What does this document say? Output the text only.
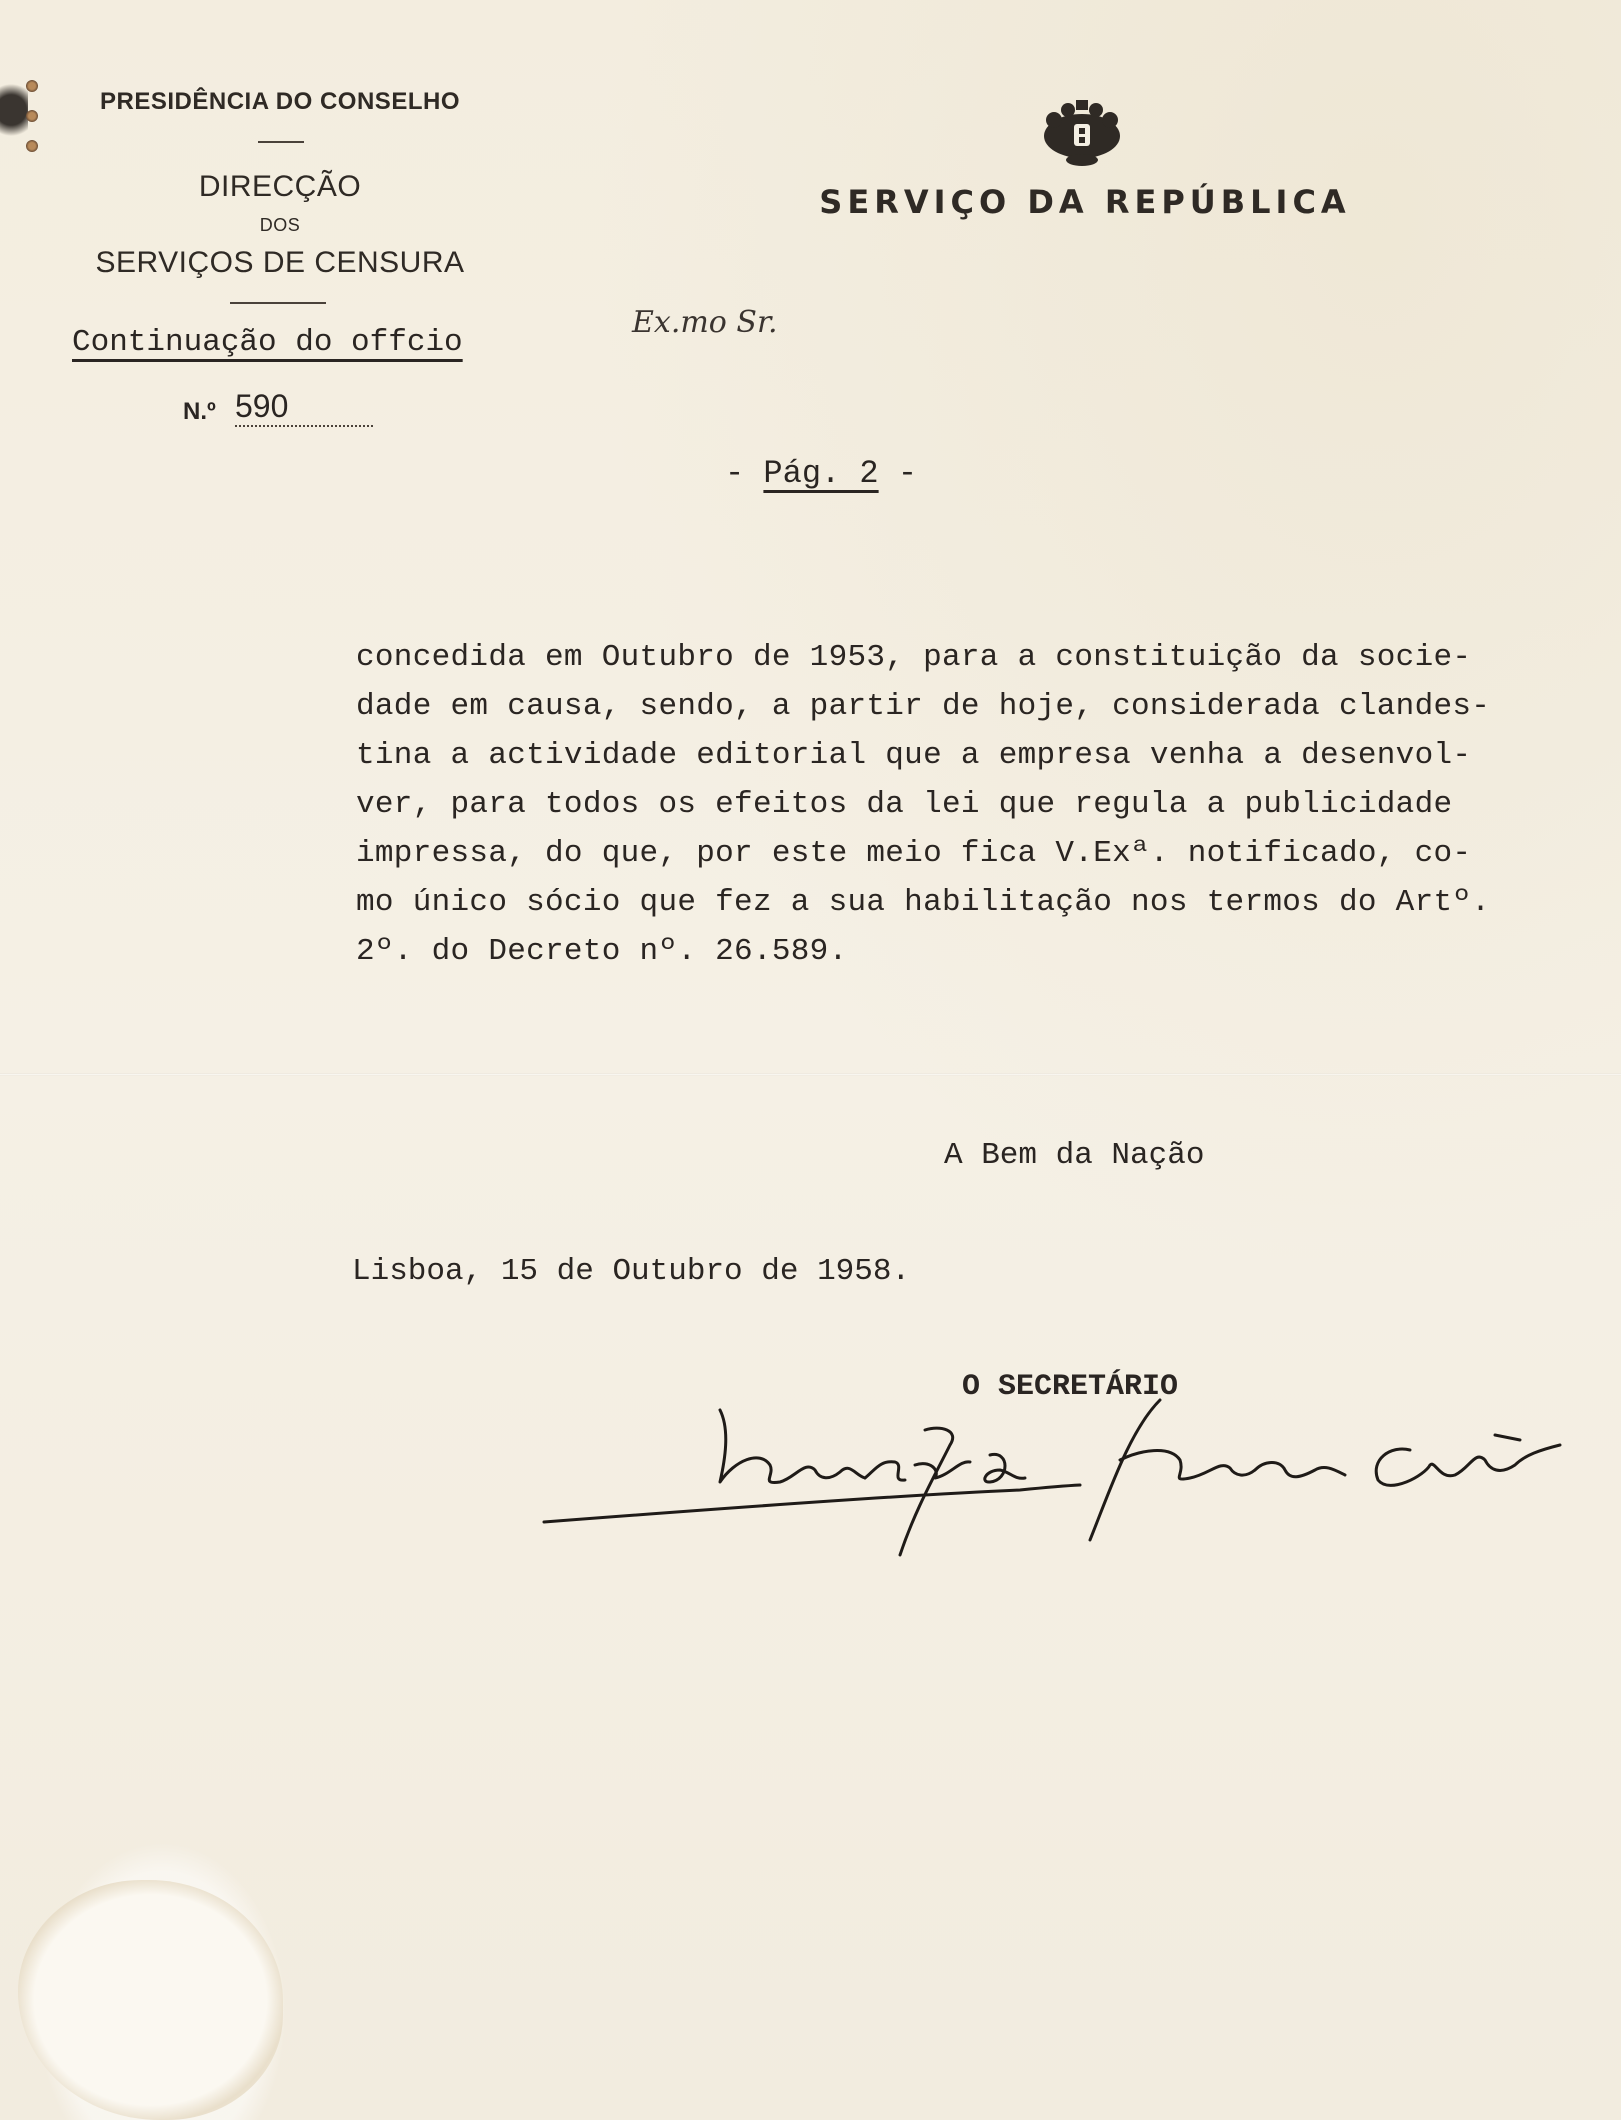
PRESIDÊNCIA DO CONSELHO
DIRECÇÃO
DOS
SERVIÇOS DE CENSURA
Continuação do offcio
N.º 590
SERVIÇO DA REPÚBLICA
Ex.mo Sr.
- Pág. 2 -
concedida em Outubro de 1953, para a constituição da socie-
dade em causa, sendo, a partir de hoje, considerada clandes-
tina a actividade editorial que a empresa venha a desenvol-
ver, para todos os efeitos da lei que regula a publicidade
impressa, do que, por este meio fica V.Exª. notificado, co-
mo único sócio que fez a sua habilitação nos termos do Artº.
2º. do Decreto nº. 26.589.
A Bem da Nação
Lisboa, 15 de Outubro de 1958.
O SECRETÁRIO
